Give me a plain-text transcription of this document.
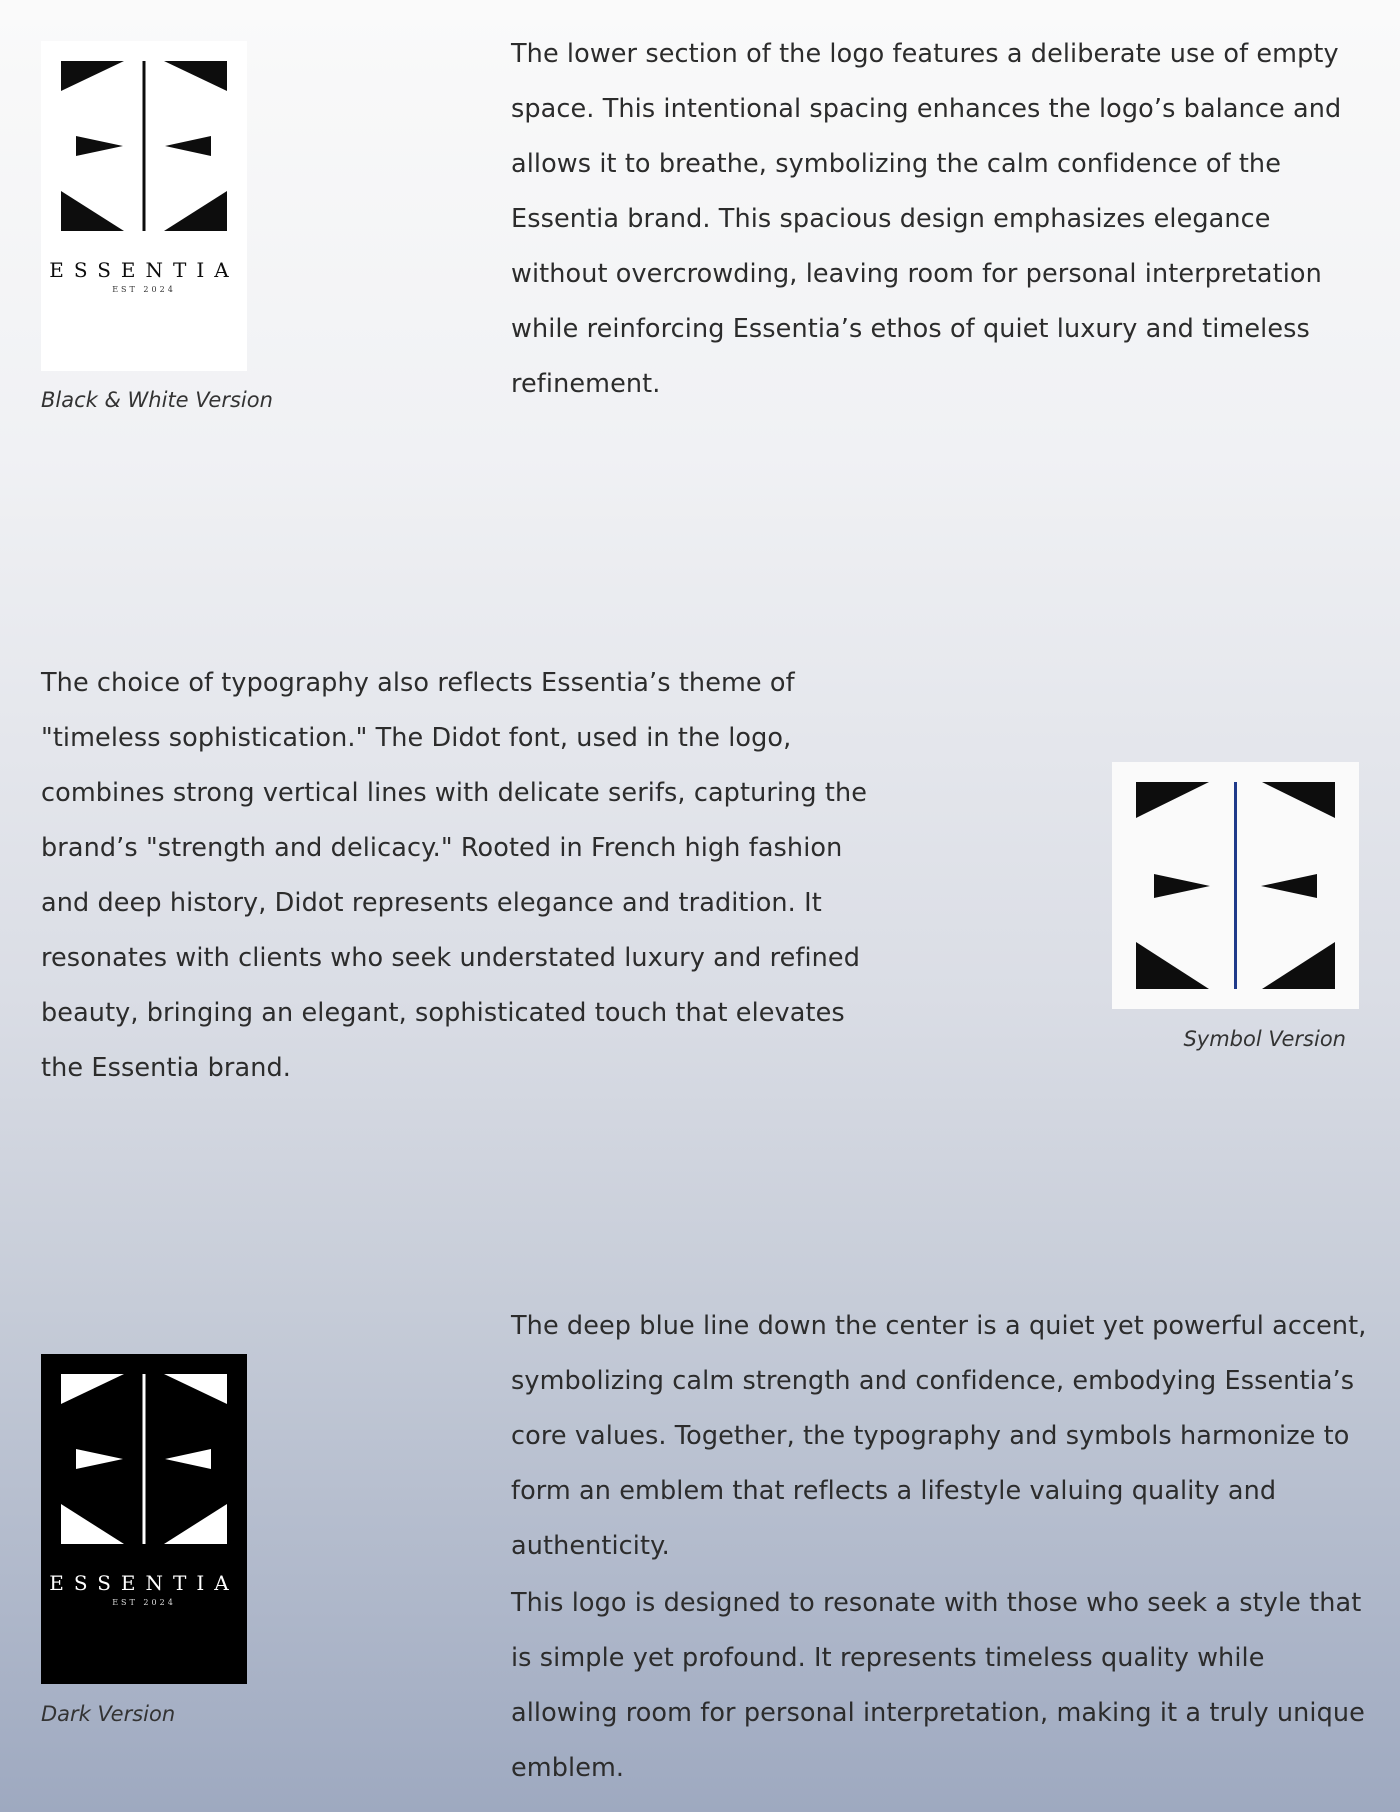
ESSENTIA
EST 2024

Black & White Version

The lower section of the logo features a deliberate use of empty space. This intentional spacing enhances the logo’s balance and allows it to breathe, symbolizing the calm confidence of the Essentia brand. This spacious design emphasizes elegance without overcrowding, leaving room for personal interpretation while reinforcing Essentia’s ethos of quiet luxury and timeless refinement.

The choice of typography also reflects Essentia’s theme of "timeless sophistication." The Didot font, used in the logo, combines strong vertical lines with delicate serifs, capturing the brand’s "strength and delicacy." Rooted in French high fashion and deep history, Didot represents elegance and tradition. It resonates with clients who seek understated luxury and refined beauty, bringing an elegant, sophisticated touch that elevates the Essentia brand.

Symbol Version

ESSENTIA
EST 2024

Dark Version

The deep blue line down the center is a quiet yet powerful accent, symbolizing calm strength and confidence, embodying Essentia’s core values. Together, the typography and symbols harmonize to form an emblem that reflects a lifestyle valuing quality and authenticity.

This logo is designed to resonate with those who seek a style that is simple yet profound. It represents timeless quality while allowing room for personal interpretation, making it a truly unique emblem.
